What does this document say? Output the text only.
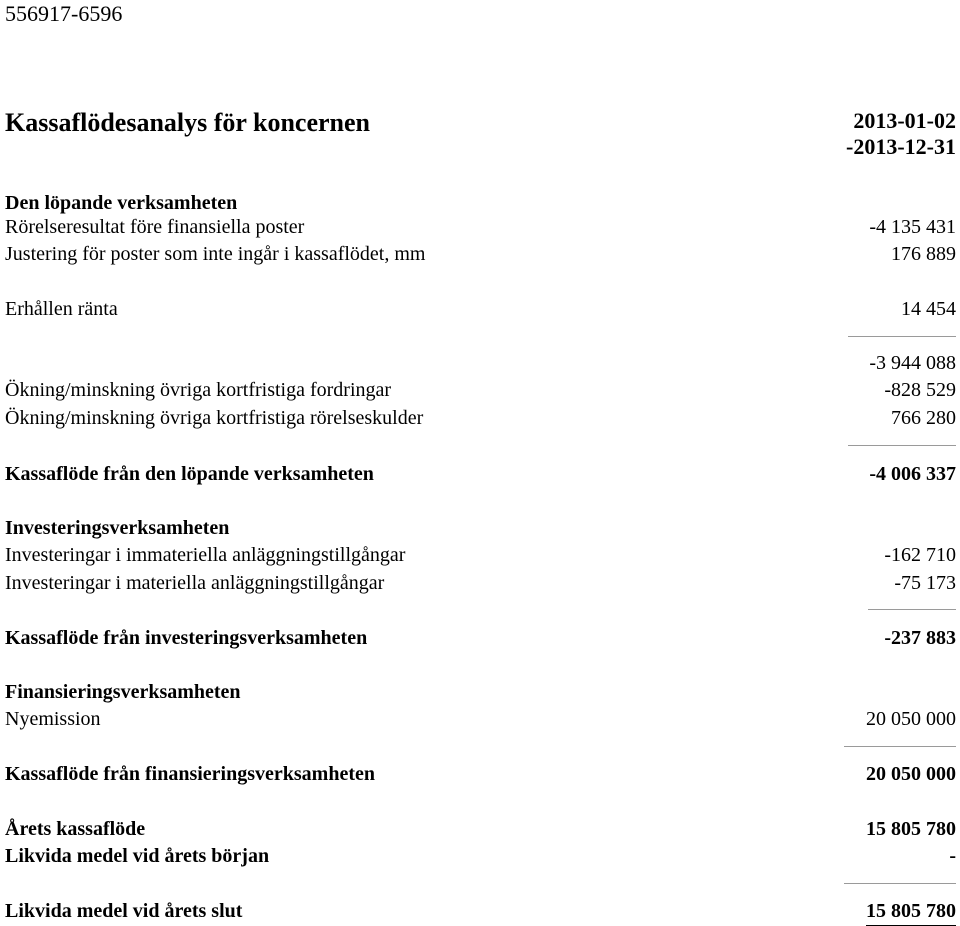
556917-6596
Kassaflödesanalys för koncernen	2013-01-02
-2013-12-31
Den löpande verksamheten
Rörelseresultat före finansiella poster	-4 135 431
Justering för poster som inte ingår i kassaflödet, mm	176 889
Erhållen ränta	14 454
-3 944 088
Ökning/minskning övriga kortfristiga fordringar	-828 529
Ökning/minskning övriga kortfristiga rörelseskulder	766 280
Kassaflöde från den löpande verksamheten	-4 006 337
Investeringsverksamheten
Investeringar i immateriella anläggningstillgångar	-162 710
Investeringar i materiella anläggningstillgångar	-75 173
Kassaflöde från investeringsverksamheten	-237 883
Finansieringsverksamheten
Nyemission	20 050 000
Kassaflöde från finansieringsverksamheten	20 050 000
Årets kassaflöde	15 805 780
Likvida medel vid årets början	-
Likvida medel vid årets slut	15 805 780
